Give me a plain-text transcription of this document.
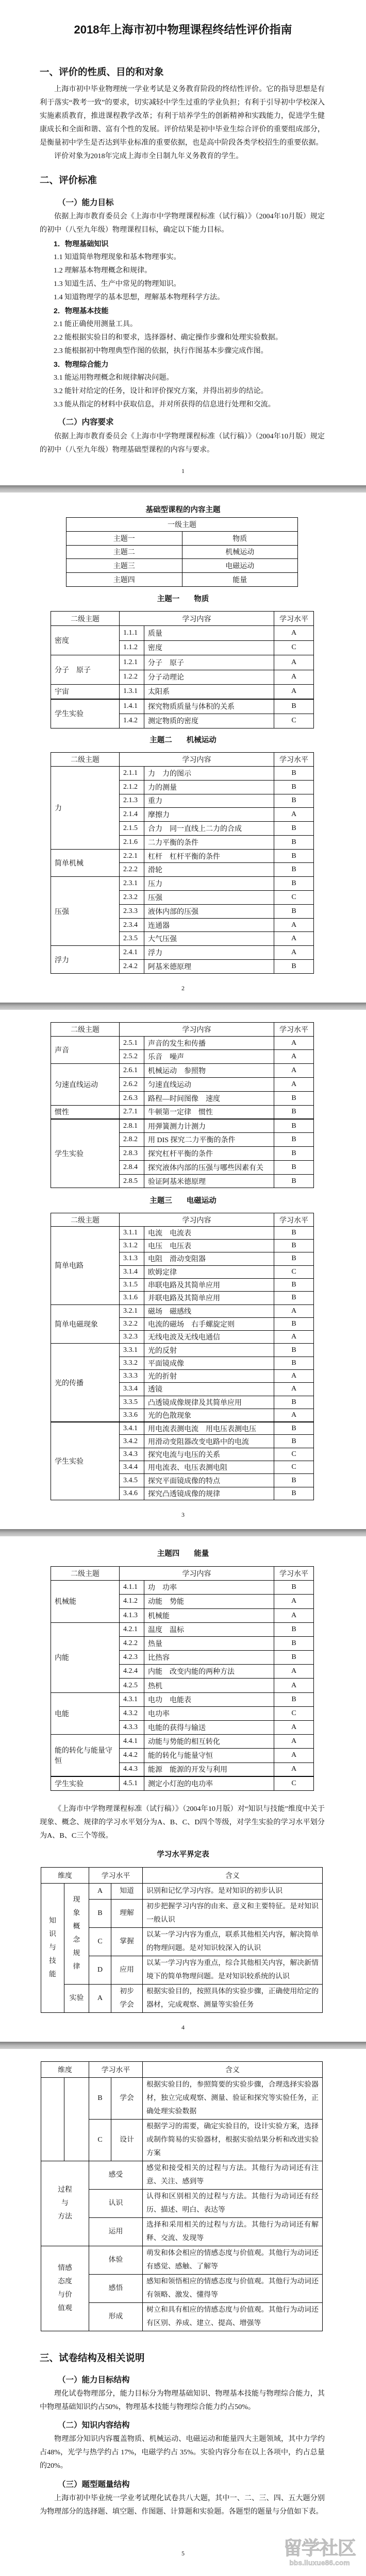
2018年上海市初中物理课程终结性评价指南
一、评价的性质、目的和对象

上海市初中毕业物理统一学业考试是义务教育阶段的终结性评价。它的指导思想是有利于落实“教考一致”的要求，切实减轻中学生过重的学业负担；有利于引导初中学校深入实施素质教育，推进课程教学改革；有利于培养学生的创新精神和实践能力，促进学生健康成长和全面和谐、富有个性的发展。评价结果是初中毕业生综合评价的重要组成部分，是衡量初中学生是否达到毕业标准的重要依据，也是高中阶段各类学校招生的重要依据。

评价对象为2018年完成上海市全日制九年义务教育的学生。

二、评价标准
（一）能力目标

依据上海市教育委员会《上海市中学物理课程标准（试行稿）》（2004年10月版）规定的初中（八至九年级）物理课程目标，确定以下能力目标。

1．物理基础知识
1.1 知道简单物理现象和基本物理事实。
1.2 理解基本物理概念和规律。
1.3 知道生活、生产中常见的物理知识。
1.4 知道物理学的基本思想，理解基本物理科学方法。
2．物理基本技能
2.1 能正确使用测量工具。
2.2 能根据实验目的和要求，选择器材、确定操作步骤和处理实验数据。
2.3 能根据初中物理典型作图的依据，执行作图基本步骤完成作图。
3．物理综合能力
3.1 能运用物理概念和规律解决问题。
3.2 能针对给定的任务，设计和评价探究方案，并得出初步的结论。
3.3 能从指定的材料中获取信息，并对所获得的信息进行处理和交流。
（二）内容要求

依据上海市教育委员会《上海市中学物理课程标准（试行稿）》（2004年10月版）规定的初中（八至九年级）物理基础型课程的内容与要求。

1
基础型课程的内容主题
一级主题	
主题一	物质
主题二	机械运动
主题三	电磁运动
主题四	能量
主题一 物质
二级主题	学习内容		学习水平
密度	1.1.1	质量	A
	1.1.2	密度	C
分子　原子	1.2.1	分子　原子	A
	1.2.2	分子动理论	A
宇宙	1.3.1	太阳系	A
学生实验	1.4.1	探究物质质量与体积的关系	B
	1.4.2	测定物质的密度	C
主题二 机械运动
二级主题	学习内容		学习水平
力	2.1.1	力　力的图示	B
	2.1.2	力的测量	B
	2.1.3	重力	B
	2.1.4	摩擦力	A
	2.1.5	合力　同一直线上二力的合成	B
	2.1.6	二力平衡的条件	B
简单机械	2.2.1	杠杆　杠杆平衡的条件	B
	2.2.2	滑轮	B
压强	2.3.1	压力	B
	2.3.2	压强	C
	2.3.3	液体内部的压强	B
	2.3.4	连通器	A
	2.3.5	大气压强	A
浮力	2.4.1	浮力	A
	2.4.2	阿基米德原理	B
2
二级主题	学习内容		学习水平
声音	2.5.1	声音的发生和传播	A
	2.5.2	乐音　噪声	A
匀速直线运动	2.6.1	机械运动　参照物	A
	2.6.2	匀速直线运动	A
	2.6.3	路程—时间图像　速度	B
惯性	2.7.1	牛顿第一定律　惯性	B
学生实验	2.8.1	用弹簧测力计测力	B
	2.8.2	用 DIS 探究二力平衡的条件	B
	2.8.3	探究杠杆平衡的条件	B
	2.8.4	探究液体内部的压强与哪些因素有关	B
	2.8.5	验证阿基米德原理	B
主题三 电磁运动
二级主题	学习内容		学习水平
简单电路	3.1.1	电流　电流表	B
	3.1.2	电压　电压表	B
	3.1.3	电阻　滑动变阻器	B
	3.1.4	欧姆定律	C
	3.1.5	串联电路及其简单应用	B
	3.1.6	并联电路及其简单应用	B
简单电磁现象	3.2.1	磁场　磁感线	A
	3.2.2	电流的磁场　右手螺旋定则	B
	3.2.3	无线电波及无线电通信	A
光的传播	3.3.1	光的反射	B
	3.3.2	平面镜成像	B
	3.3.3	光的折射	A
	3.3.4	透镜	A
	3.3.5	凸透镜成像规律及其简单应用	B
	3.3.6	光的色散现象	A
学生实验	3.4.1	用电流表测电流　用电压表测电压	B
	3.4.2	用滑动变阻器改变电路中的电流	B
	3.4.3	探究电流与电压的关系	C
	3.4.4	用电流表、电压表测电阻	C
	3.4.5	探究平面镜成像的特点	B
	3.4.6	探究凸透镜成像的规律	B
3
主题四 能量
二级主题	学习内容		学习水平
机械能	4.1.1	功　功率	B
	4.1.2	动能　势能	A
	4.1.3	机械能	A
内能	4.2.1	温度　温标	B
	4.2.2	热量	B
	4.2.3	比热容	B
	4.2.4	内能　改变内能的两种方法	A
	4.2.5	热机	A
电能	4.3.1	电功　电能表	B
	4.3.2	电功率	C
	4.3.3	电能的获得与输送	A
能的转化与能量守恒	4.4.1	动能与势能的相互转化	A
	4.4.2	能的转化与能量守恒	A
	4.4.3	能源　能源的开发与利用	A
学生实验	4.5.1	测定小灯泡的电功率	C

《上海市中学物理课程标准（试行稿）》（2004年10月版）对“知识与技能”维度中关于现象、概念、规律的学习水平划分为A、B、C、D四个等级，对学生实验的学习水平划分为A、B、C三个等级。

学习水平界定表
维度		学习水平		含义
知识与技能	现象概念规律	A	知道	识别和记忆学习内容。是对知识的初步认识
		B	理解	初步把握学习内容的由来、意义和主要特征。是对知识一般认识
		C	掌握	以某一学习内容为重点，联系其他相关内容，解决简单的物理问题。是对知识较深入的认识
		D	应用	以某一学习内容为重点，综合其他相关内容，解决新情境下的简单物理问题。是对知识较系统的认识
	实验	A	初步学会	根据实验目的，按照具体的实验步骤，正确使用给定的器材，完成观察、测量等实验任务
4
维度		学习水平		含义
		B	学会	根据实验目的，参照简要的实验步骤，合理选择实验器材，独立完成观察、测量、验证和探究等实验任务，正确处理实验数据
		C	设计	根据学习的需要，确定实验目的，设计实验方案，选择或制作简易的实验器材，根据实验结果分析和改进实验方案

过程
与
方法		感受		感觉和接受相关的过程与方法。其他行为动词还有注意、关注、感到等
		认识		认得和区别相关的过程与方法。其他行为动词还有经历、描述、明白、表达等
		运用		选择和采用相关的过程与方法。其他行为动词还有解释、交流、发现等

情感
态度
与价
值观		体验		萌发和体会相应的情感态度与价值观。其他行为动词还有感觉、感触、了解等
		感悟		感知和领悟相应的情感态度与价值观。其他行为动词还有领略、激发、懂得等
		形成		树立和具有相应的情感态度与价值观。其他行为动词还有区别、养成、建立、提高、增强等
三、试卷结构及相关说明
（一）能力目标结构

理化试卷物理部分，能力目标分为物理基础知识、物理基本技能与物理综合能力，其中物理基础知识约占50%，物理基本技能与物理综合能力约占50%。

（二）知识内容结构

物理部分知识内容覆盖物质、机械运动、电磁运动和能量四大主题领域，其中力学约占48%，光学与热学约占 17%，电磁学约占 35%。实验内容分布在以上各项中，约占总量的20%。

（三）题型题量结构

上海市初中毕业统一学业考试理化试卷共八大题，其中一、二、三、四、五大题分别为物理部分的选择题、填空题、作图题、计算题和实验题。各题型的题量与分值如下表。

5	留学社区
bbs.liuxue86.com
